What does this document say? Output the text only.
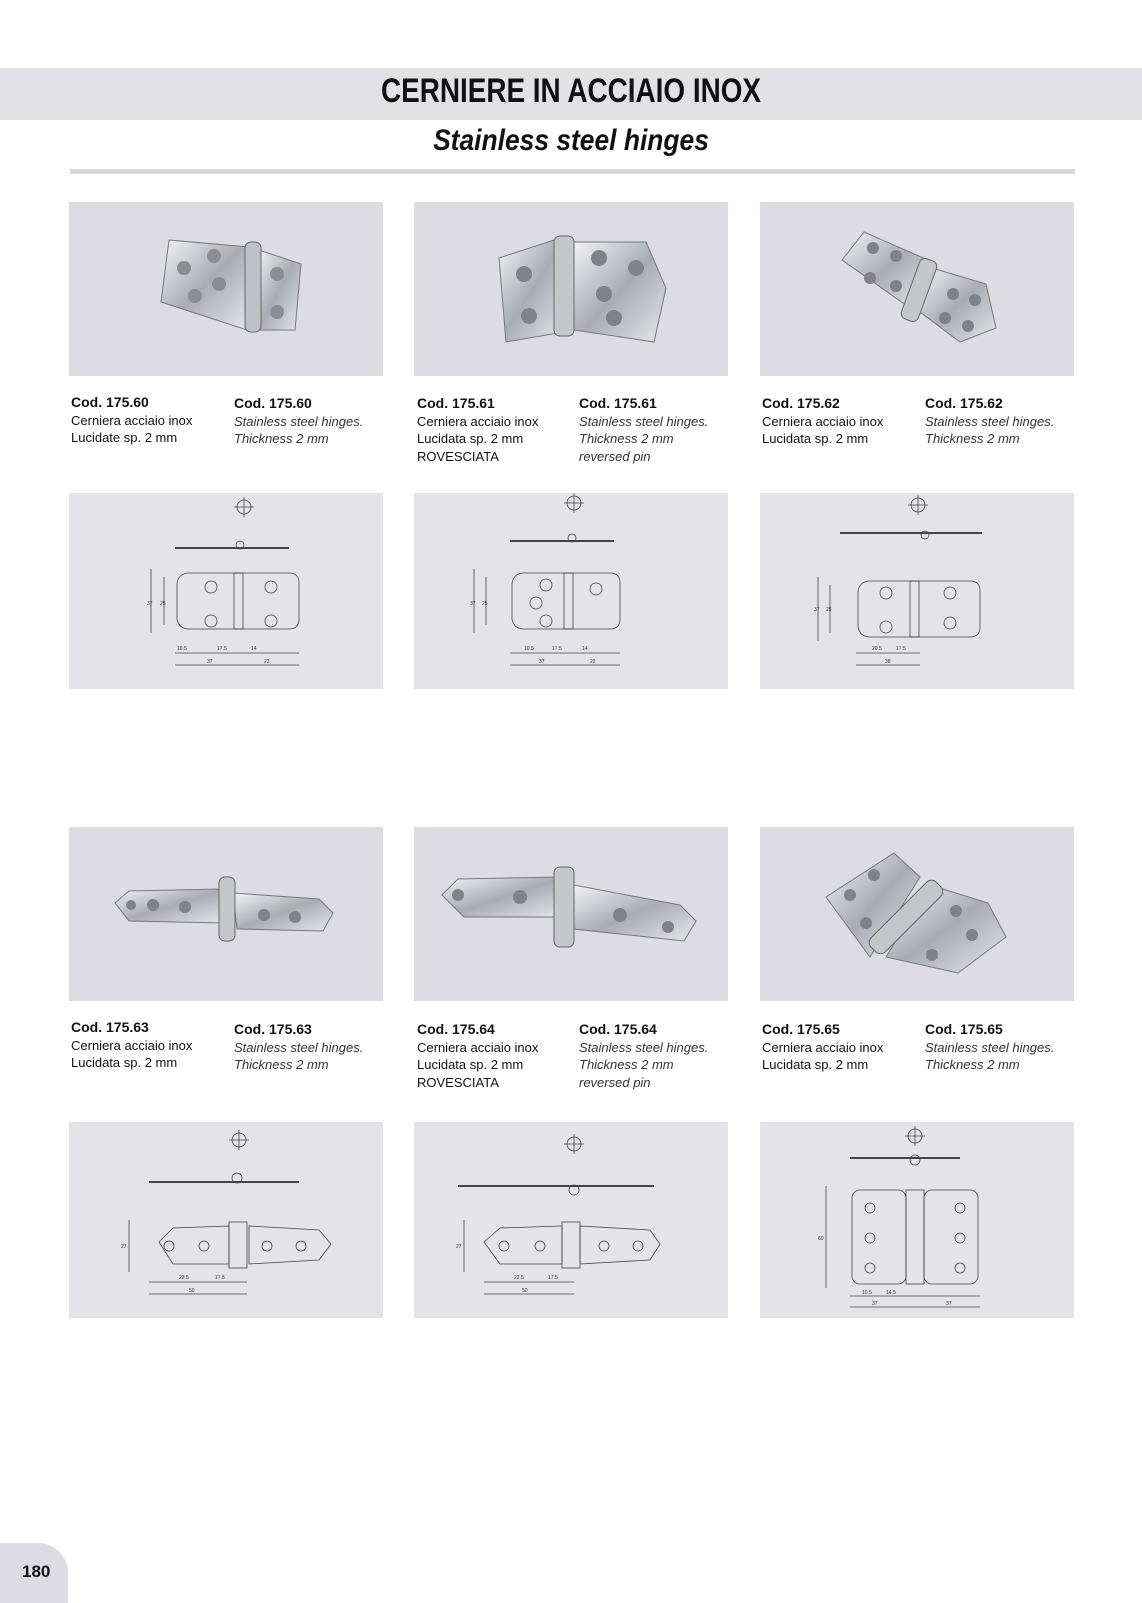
CERNIERE IN ACCIAIO INOX
Stainless steel hinges
Cod. 175.60
Cerniera acciaio inox
Lucidate sp. 2 mm
Cod. 175.60
Stainless steel hinges.
Thickness 2 mm
Cod. 175.61
Cerniera acciaio inox
Lucidata sp. 2 mm
ROVESCIATA
Cod. 175.61
Stainless steel hinges.
Thickness 2 mm
reversed pin
Cod. 175.62
Cerniera acciaio inox
Lucidata sp. 2 mm
Cod. 175.62
Stainless steel hinges.
Thickness 2 mm
10.5	17.5	14
37	22
37 25
10.5	17.5	14
37	22
37 25
20.5	17.5
38
37 25
Cod. 175.63
Cerniera acciaio inox
Lucidata sp. 2 mm
Cod. 175.63
Stainless steel hinges.
Thickness 2 mm
Cod. 175.64
Cerniera acciaio inox
Lucidata sp. 2 mm
ROVESCIATA
Cod. 175.64
Stainless steel hinges.
Thickness 2 mm
reversed pin
Cod. 175.65
Cerniera acciaio inox
Lucidata sp. 2 mm
Cod. 175.65
Stainless steel hinges.
Thickness 2 mm
22.5	17.5
50
27
22.5	17.5
50
27
10.5	14.5
37	37
60
180
